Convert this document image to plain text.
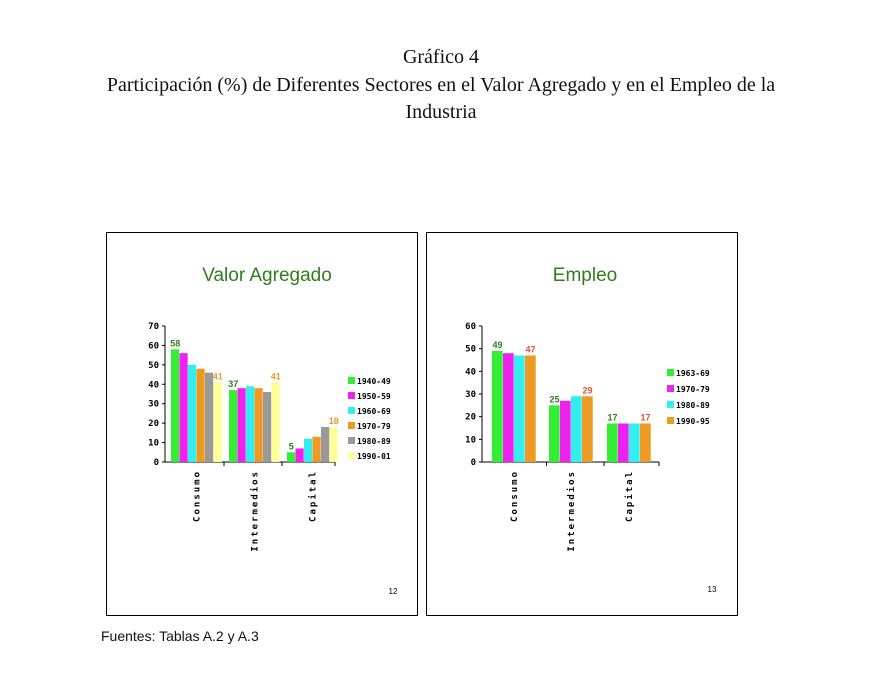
Gráfico 4
Participación (%) de Diferentes Sectores en el Valor Agregado y en el Empleo de la
Industria
Valor Agregado
0
10
20
30
40
50
60
70
Consumo	Intermedios	Capital
58
41
37
41
5
18
1940-49
1950-59
1960-69
1970-79
1980-89
1990-01
12
Empleo
0
10
20
30
40
50
60
Consumo	Intermedios	Capital
49	47
25
29
17	17
1963-69
1970-79
1980-89
1990-95
13
Fuentes: Tablas A.2 y A.3
